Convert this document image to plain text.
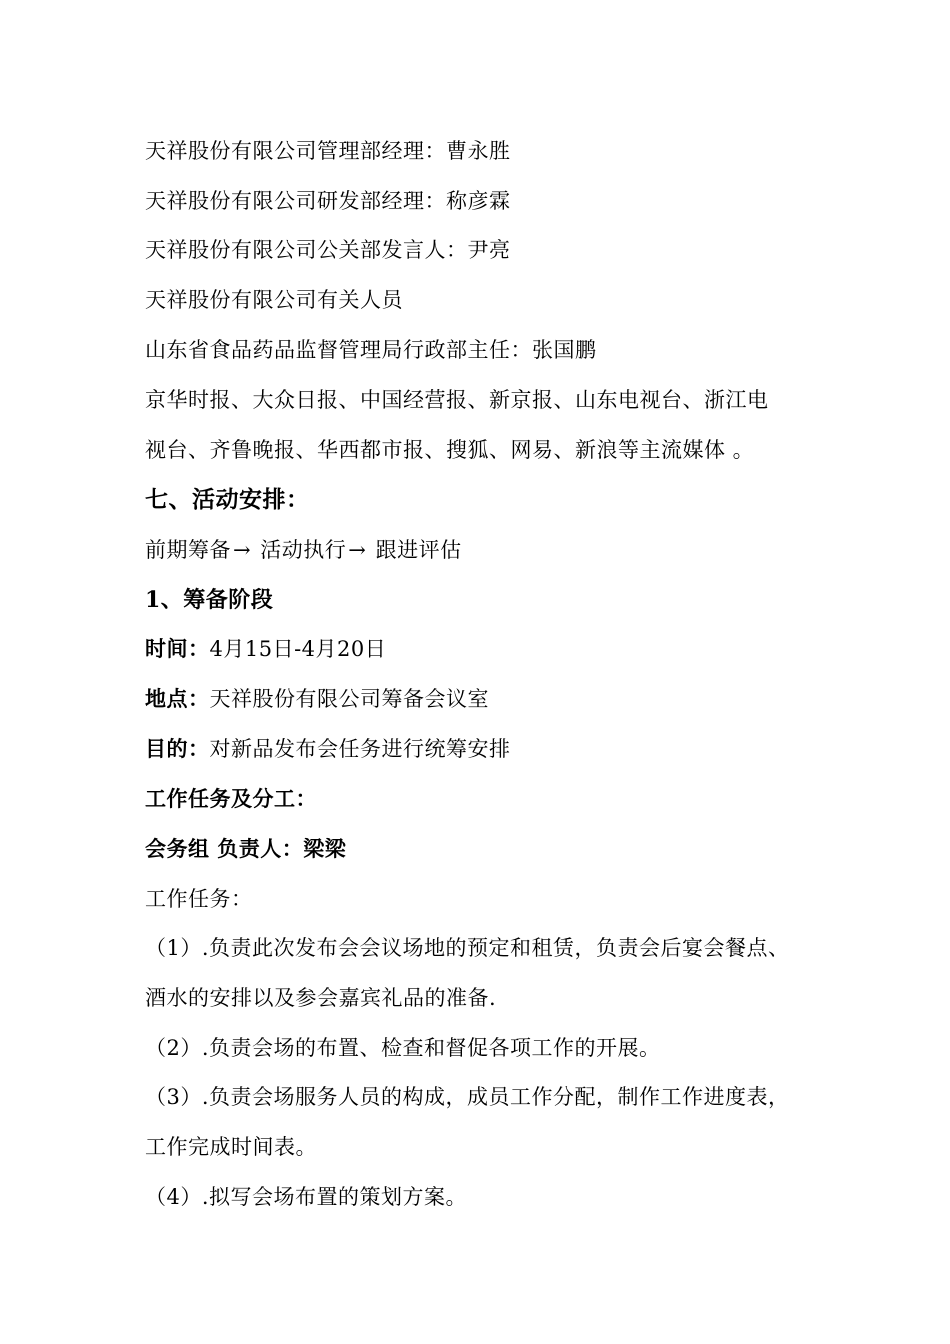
天祥股份有限公司管理部经理：曹永胜
天祥股份有限公司研发部经理：称彦霖
天祥股份有限公司公关部发言人：尹亮
天祥股份有限公司有关人员
山东省食品药品监督管理局行政部主任：张国鹏
京华时报、大众日报、中国经营报、新京报、山东电视台、浙江电
视台、齐鲁晚报、华西都市报、搜狐、网易、新浪等主流媒体 。
七、活动安排：
前期筹备→ 活动执行→ 跟进评估
1、筹备阶段
时间：4月15日-4月20日
地点：天祥股份有限公司筹备会议室
目的：对新品发布会任务进行统筹安排
工作任务及分工：
会务组 负责人：梁梁
工作任务：
（1）.负责此次发布会会议场地的预定和租赁，负责会后宴会餐点、
酒水的安排以及参会嘉宾礼品的准备.
（2）.负责会场的布置、检查和督促各项工作的开展。
（3）.负责会场服务人员的构成，成员工作分配，制作工作进度表，
工作完成时间表。
（4）.拟写会场布置的策划方案。
